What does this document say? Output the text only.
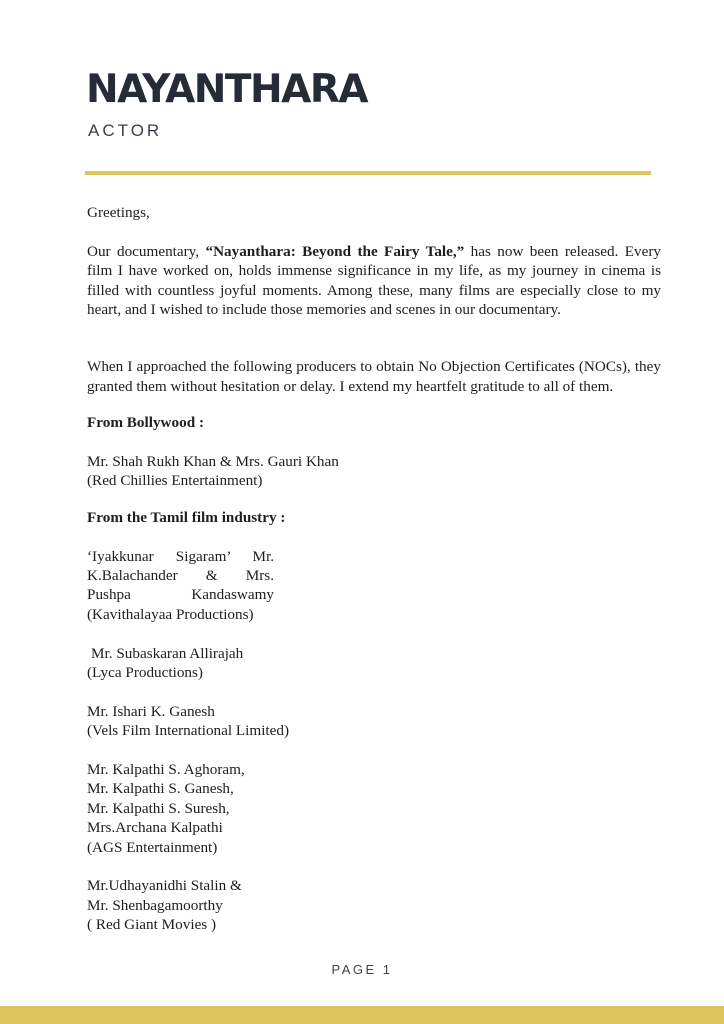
NAYANTHARA
ACTOR

Greetings,

Our documentary, “Nayanthara: Beyond the Fairy Tale,” has now been released. Every film I have worked on, holds immense significance in my life, as my journey in cinema is filled with countless joyful moments. Among these, many films are especially close to my heart, and I wished to include those memories and scenes in our documentary.

When I approached the following producers to obtain No Objection Certificates (NOCs), they granted them without hesitation or delay. I extend my heartfelt gratitude to all of them.

From Bollywood :

Mr. Shah Rukh Khan & Mrs. Gauri Khan

(Red Chillies Entertainment)

From the Tamil film industry :

‘Iyakkunar Sigaram’ Mr.
K.Balachander & Mrs.
Pushpa Kandaswamy
(Kavithalayaa Productions)

Mr. Subaskaran Allirajah

(Lyca Productions)

Mr. Ishari K. Ganesh

(Vels Film International Limited)

Mr. Kalpathi S. Aghoram,

Mr. Kalpathi S. Ganesh,

Mr. Kalpathi S. Suresh,

Mrs.Archana Kalpathi

(AGS Entertainment)

Mr.Udhayanidhi Stalin &

Mr. Shenbagamoorthy

( Red Giant Movies )

PAGE 1
